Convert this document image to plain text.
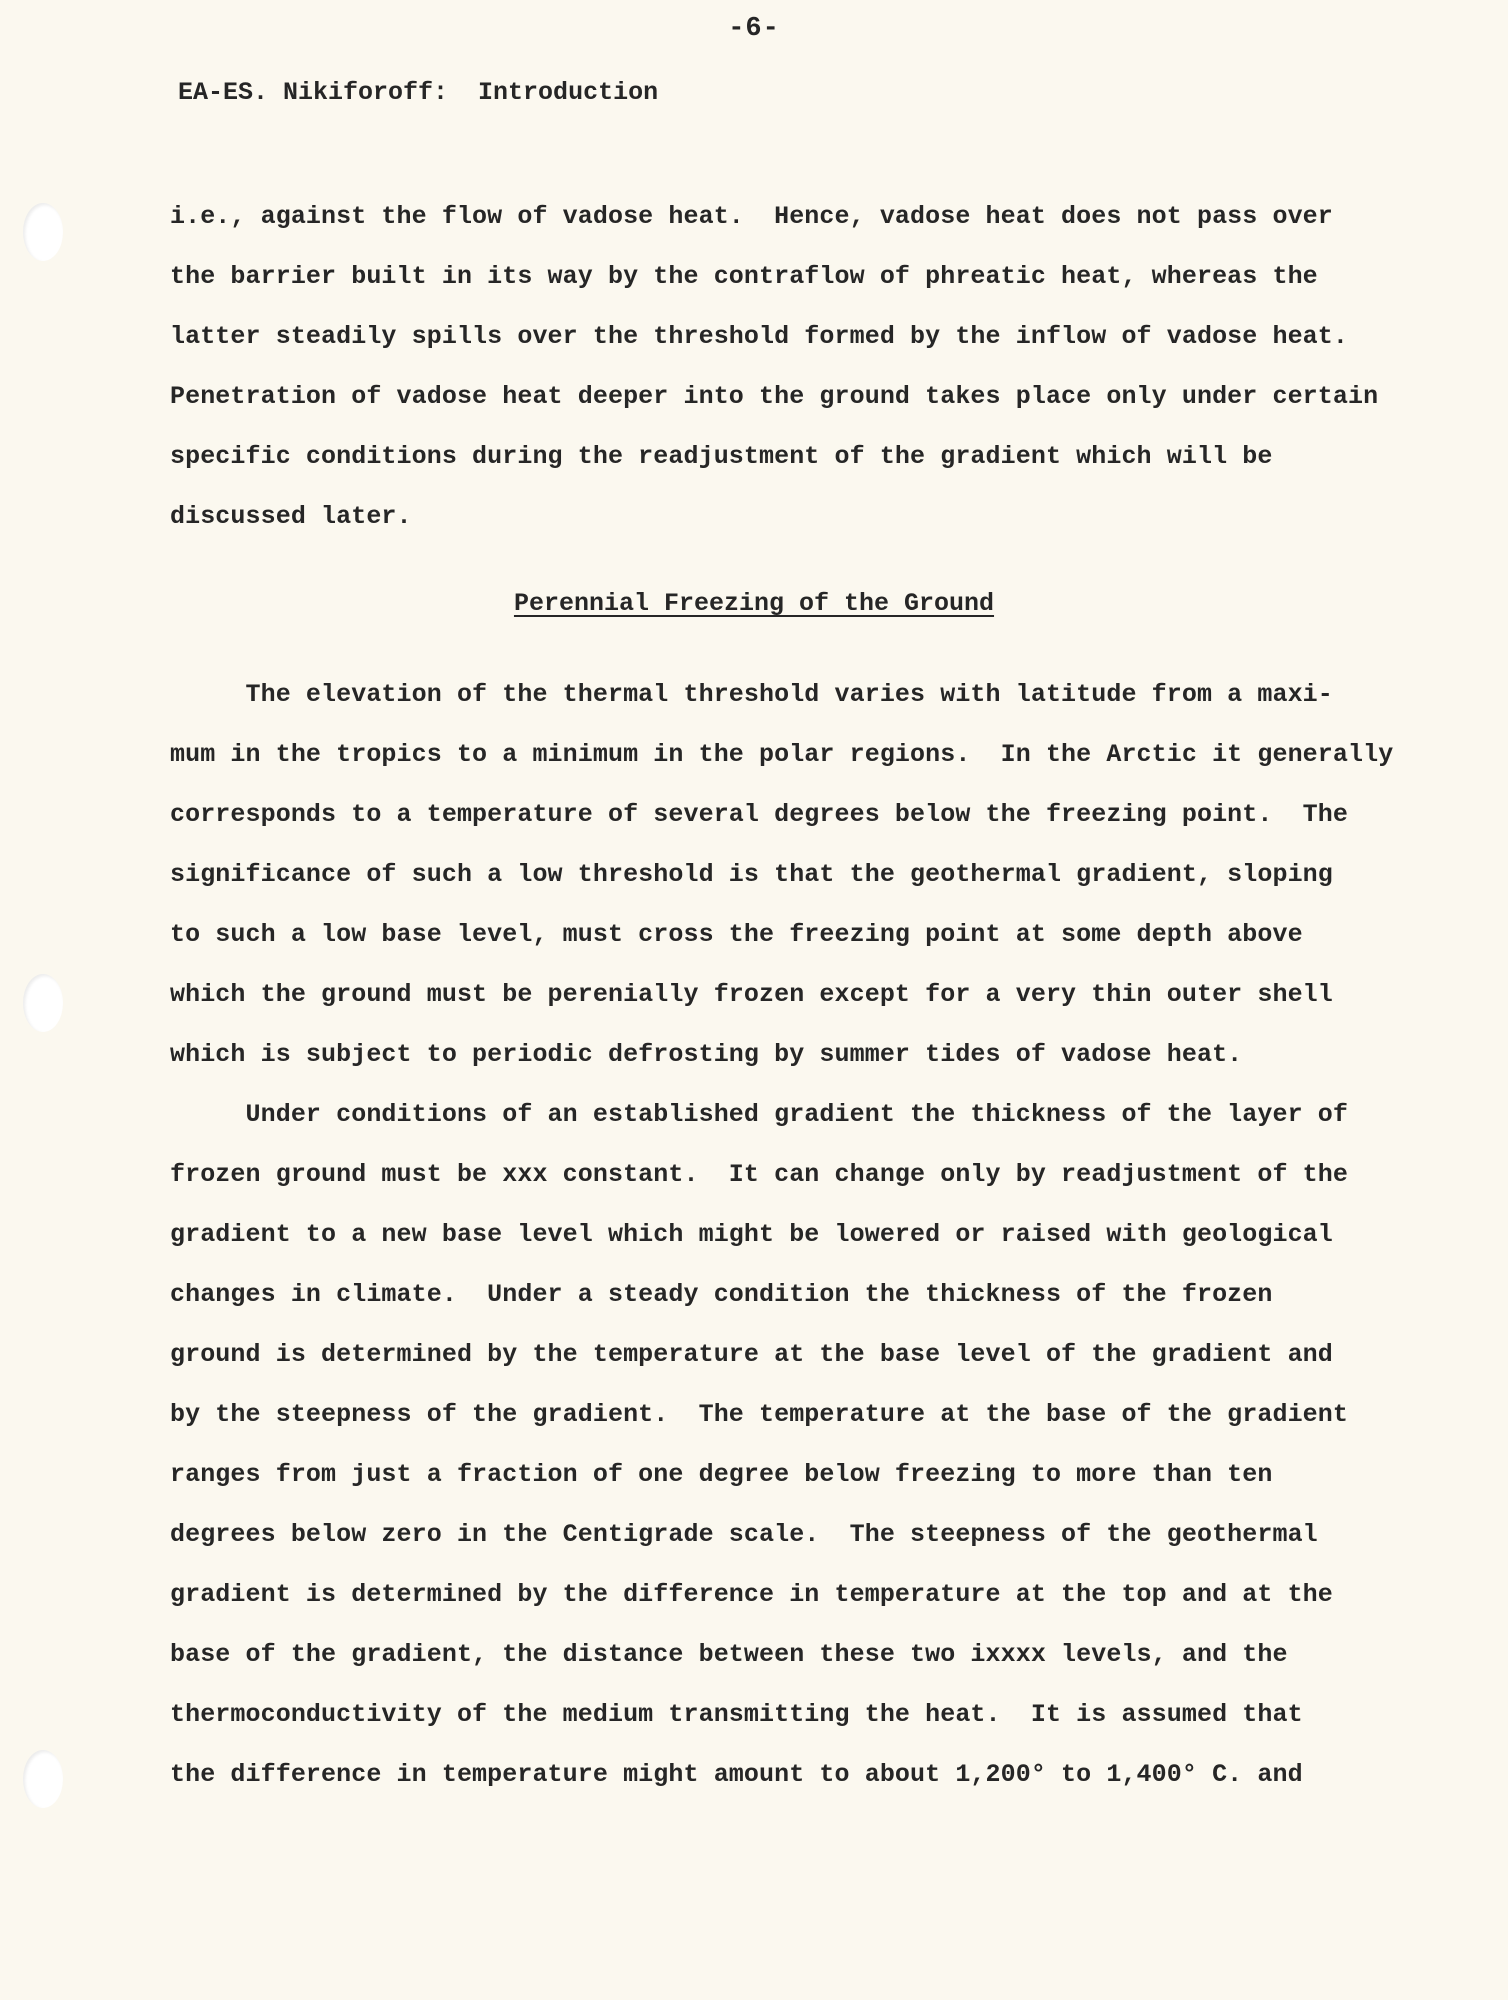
-6-
EA-ES. Nikiforoff:  Introduction
i.e., against the flow of vadose heat.  Hence, vadose heat does not pass over
the barrier built in its way by the contraflow of phreatic heat, whereas the
latter steadily spills over the threshold formed by the inflow of vadose heat.
Penetration of vadose heat deeper into the ground takes place only under certain
specific conditions during the readjustment of the gradient which will be
discussed later.
Perennial Freezing of the Ground
The elevation of the thermal threshold varies with latitude from a maxi-
mum in the tropics to a minimum in the polar regions.  In the Arctic it generally
corresponds to a temperature of several degrees below the freezing point.  The
significance of such a low threshold is that the geothermal gradient, sloping
to such a low base level, must cross the freezing point at some depth above
which the ground must be perenially frozen except for a very thin outer shell
which is subject to periodic defrosting by summer tides of vadose heat.
Under conditions of an established gradient the thickness of the layer of
frozen ground must be xxx constant.  It can change only by readjustment of the
gradient to a new base level which might be lowered or raised with geological
changes in climate.  Under a steady condition the thickness of the frozen
ground is determined by the temperature at the base level of the gradient and
by the steepness of the gradient.  The temperature at the base of the gradient
ranges from just a fraction of one degree below freezing to more than ten
degrees below zero in the Centigrade scale.  The steepness of the geothermal
gradient is determined by the difference in temperature at the top and at the
base of the gradient, the distance between these two ixxxx levels, and the
thermoconductivity of the medium transmitting the heat.  It is assumed that
the difference in temperature might amount to about 1,200° to 1,400° C. and
